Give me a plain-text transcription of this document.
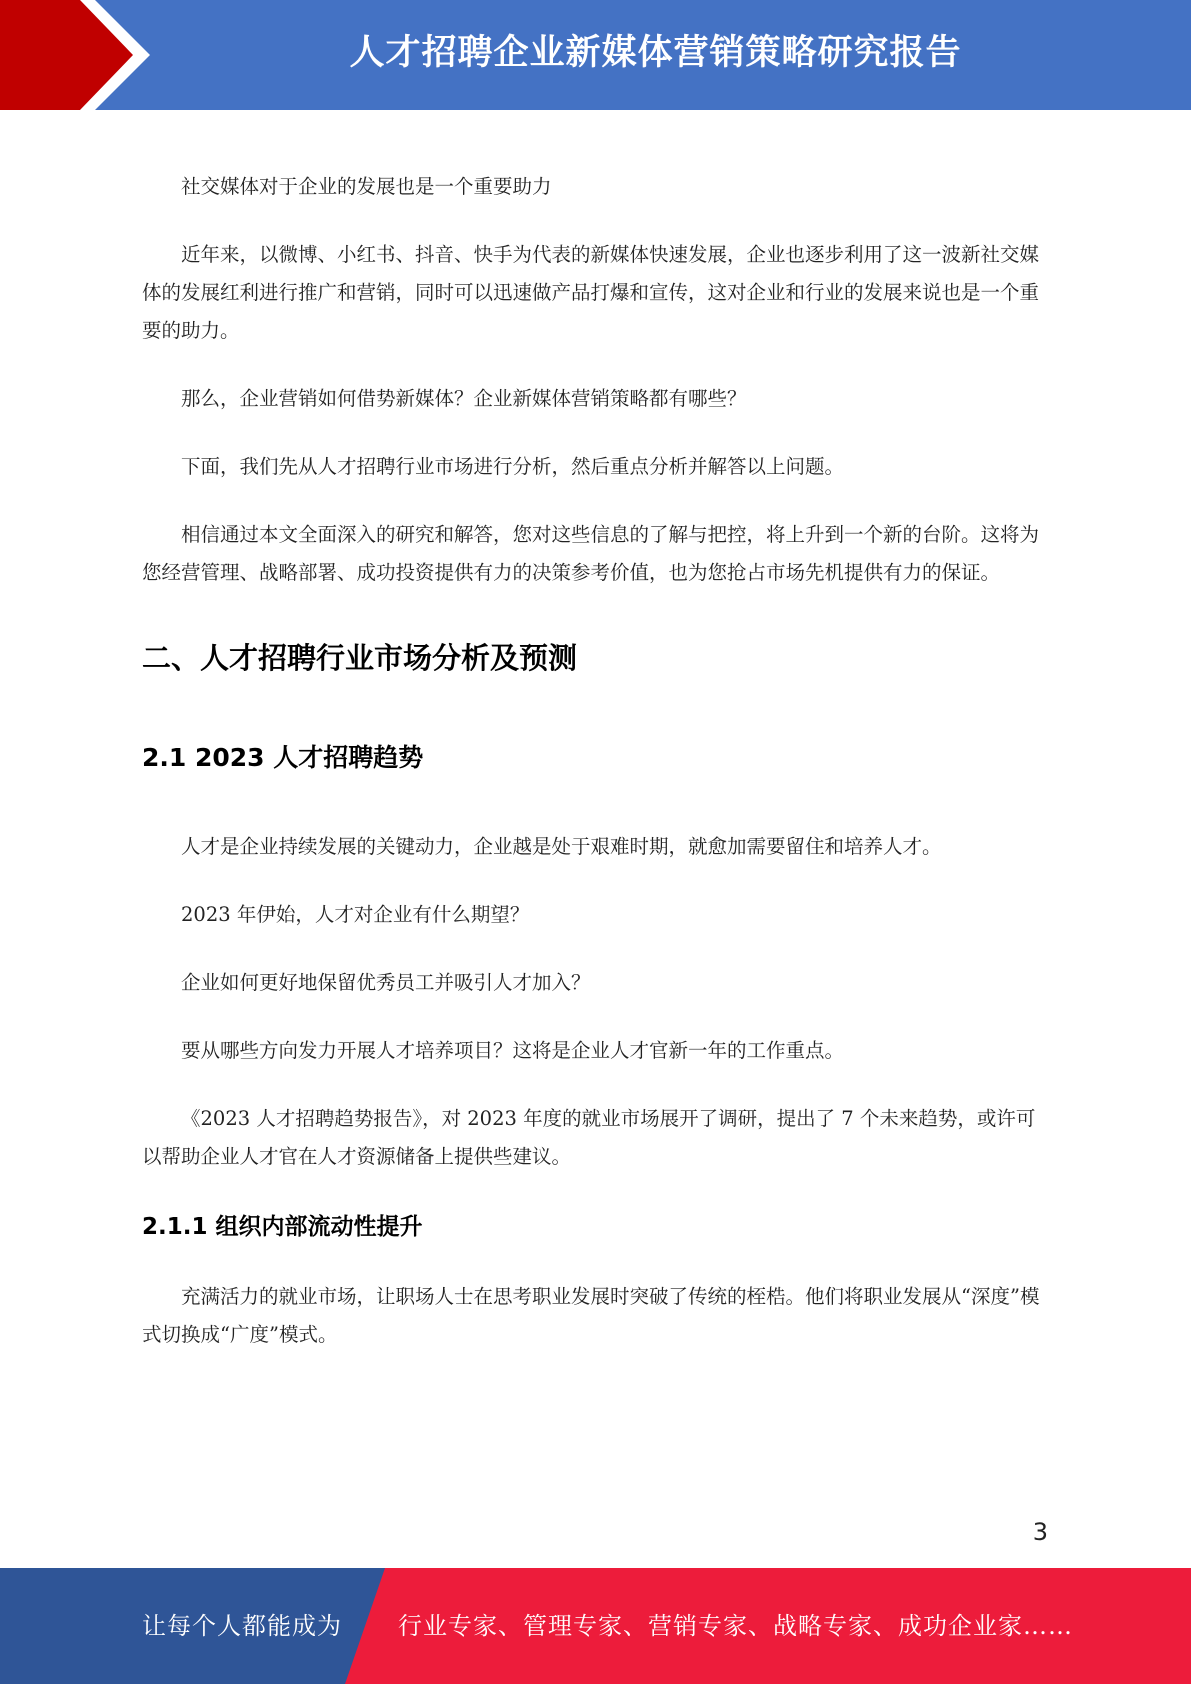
人才招聘企业新媒体营销策略研究报告

社交媒体对于企业的发展也是一个重要助力

近年来，以微博、小红书、抖音、快手为代表的新媒体快速发展，企业也逐步利用了这一波新社交媒体的发展红利进行推广和营销，同时可以迅速做产品打爆和宣传，这对企业和行业的发展来说也是一个重要的助力。

那么，企业营销如何借势新媒体？企业新媒体营销策略都有哪些？

下面，我们先从人才招聘行业市场进行分析，然后重点分析并解答以上问题。

相信通过本文全面深入的研究和解答，您对这些信息的了解与把控，将上升到一个新的台阶。这将为您经营管理、战略部署、成功投资提供有力的决策参考价值，也为您抢占市场先机提供有力的保证。

二、人才招聘行业市场分析及预测
2.1 2023 人才招聘趋势

人才是企业持续发展的关键动力，企业越是处于艰难时期，就愈加需要留住和培养人才。

2023 年伊始，人才对企业有什么期望？

企业如何更好地保留优秀员工并吸引人才加入？

要从哪些方向发力开展人才培养项目？这将是企业人才官新一年的工作重点。

《2023 人才招聘趋势报告》，对 2023 年度的就业市场展开了调研，提出了 7 个未来趋势，或许可以帮助企业人才官在人才资源储备上提供些建议。

2.1.1 组织内部流动性提升

充满活力的就业市场，让职场人士在思考职业发展时突破了传统的桎梏。他们将职业发展从“深度”模式切换成“广度”模式。

3
让每个人都能成为 行业专家、管理专家、营销专家、战略专家、成功企业家……
